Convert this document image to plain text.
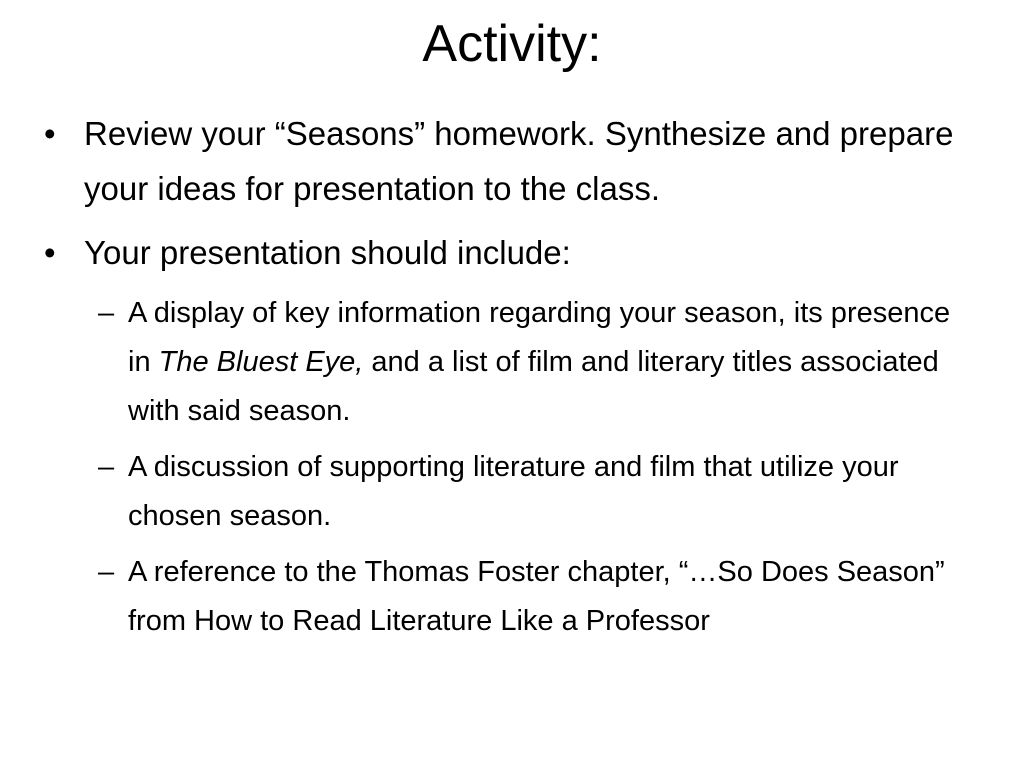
Activity:
• Review your “Seasons” homework. Synthesize and prepare your ideas for presentation to the class.
• Your presentation should include:
– A display of key information regarding your season, its presence in The Bluest Eye, and a list of film and literary titles associated with said season.
– A discussion of supporting literature and film that utilize your chosen season.
– A reference to the Thomas Foster chapter, “…So Does Season” from How to Read Literature Like a Professor
